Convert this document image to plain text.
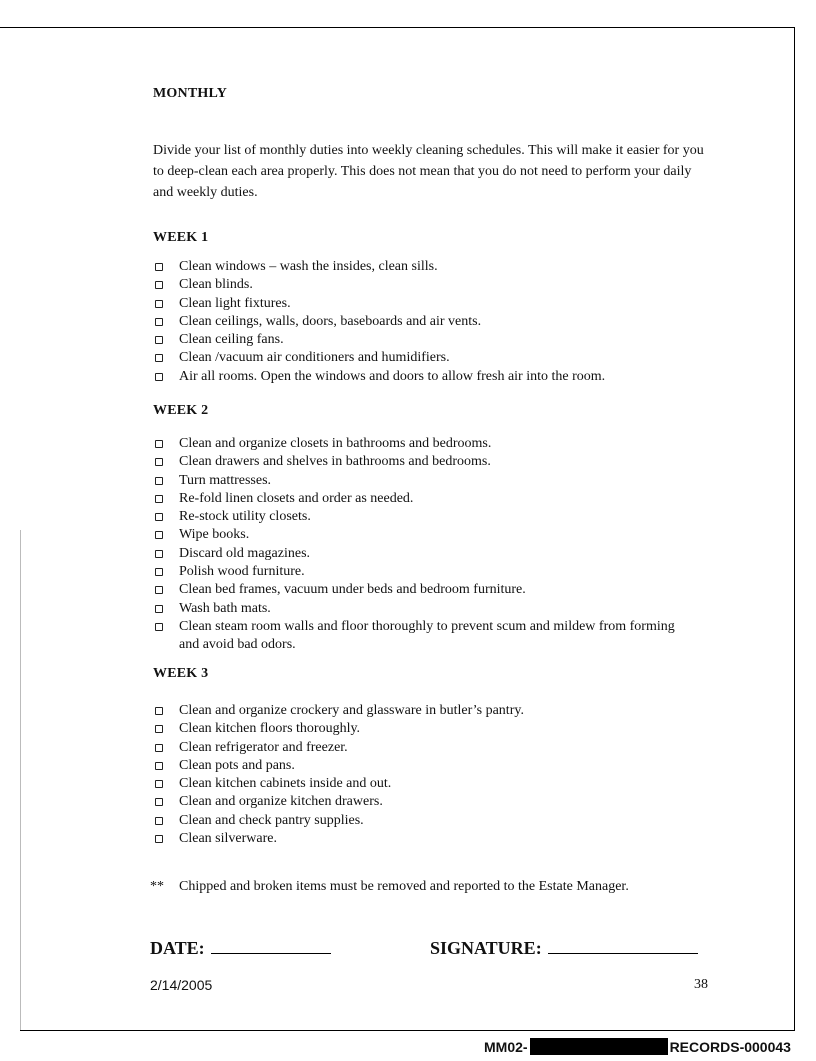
MONTHLY
Divide your list of monthly duties into weekly cleaning schedules. This will make it easier for you to deep-clean each area properly. This does not mean that you do not need to perform your daily and weekly duties.
WEEK 1
Clean windows – wash the insides, clean sills.
Clean blinds.
Clean light fixtures.
Clean ceilings, walls, doors, baseboards and air vents.
Clean ceiling fans.
Clean /vacuum air conditioners and humidifiers.
Air all rooms. Open the windows and doors to allow fresh air into the room.
WEEK 2
Clean and organize closets in bathrooms and bedrooms.
Clean drawers and shelves in bathrooms and bedrooms.
Turn mattresses.
Re-fold linen closets and order as needed.
Re-stock utility closets.
Wipe books.
Discard old magazines.
Polish wood furniture.
Clean bed frames, vacuum under beds and bedroom furniture.
Wash bath mats.
Clean steam room walls and floor thoroughly to prevent scum and mildew from forming and avoid bad odors.
WEEK 3
Clean and organize crockery and glassware in butler’s pantry.
Clean kitchen floors thoroughly.
Clean refrigerator and freezer.
Clean pots and pans.
Clean kitchen cabinets inside and out.
Clean and organize kitchen drawers.
Clean and check pantry supplies.
Clean silverware.
** Chipped and broken items must be removed and reported to the Estate Manager.
DATE:	SIGNATURE:
2/14/2005	38
MM02-	RECORDS-000043
